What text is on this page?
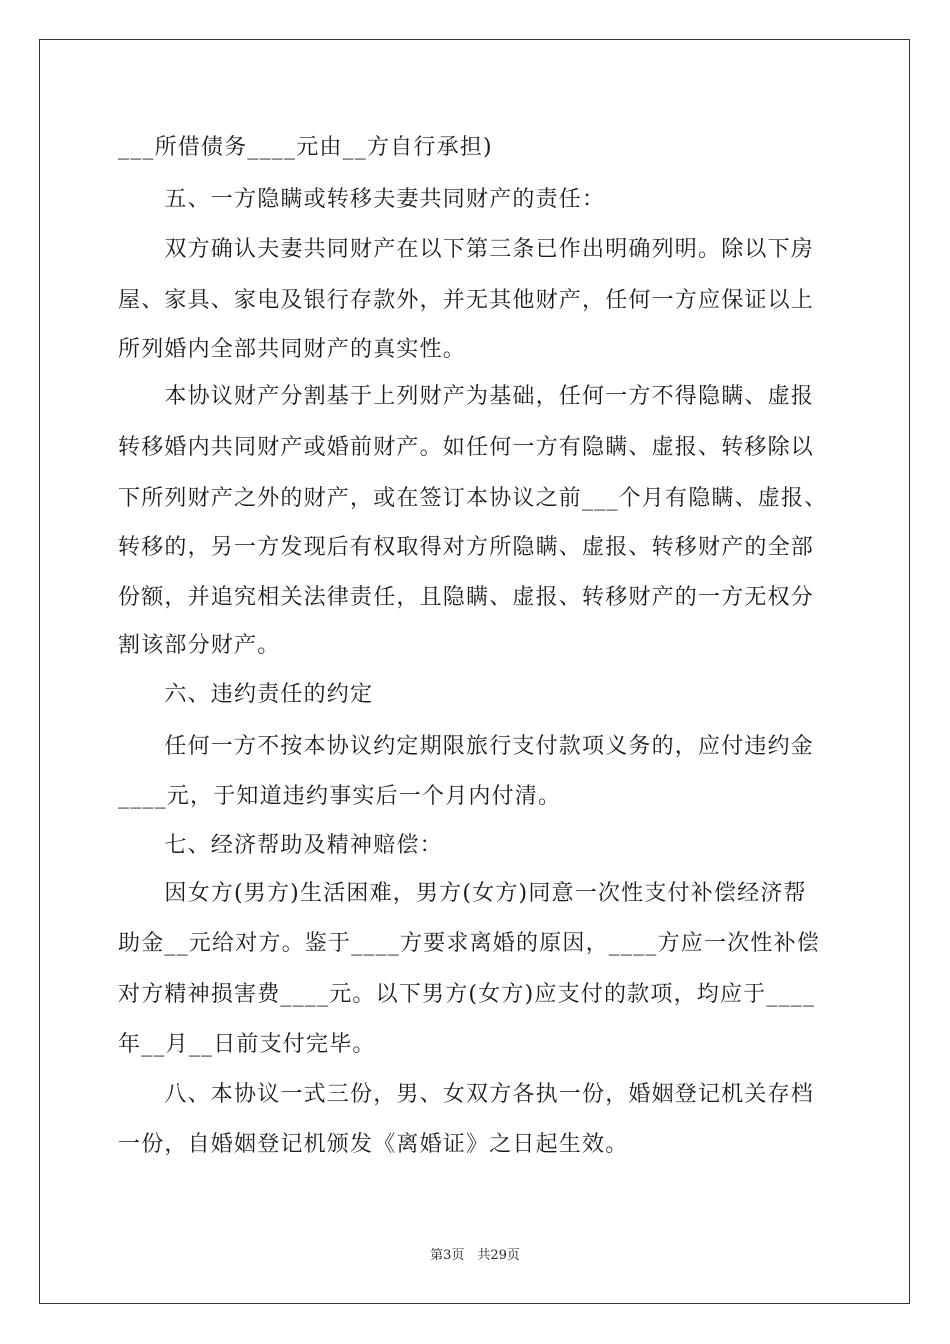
___所借债务____元由__方自行承担)
　　五、一方隐瞒或转移夫妻共同财产的责任：
　　双方确认夫妻共同财产在以下第三条已作出明确列明。除以下房
屋、家具、家电及银行存款外，并无其他财产，任何一方应保证以上
所列婚内全部共同财产的真实性。
　　本协议财产分割基于上列财产为基础，任何一方不得隐瞒、虚报
转移婚内共同财产或婚前财产。如任何一方有隐瞒、虚报、转移除以
下所列财产之外的财产，或在签订本协议之前___个月有隐瞒、虚报、
转移的，另一方发现后有权取得对方所隐瞒、虚报、转移财产的全部
份额，并追究相关法律责任，且隐瞒、虚报、转移财产的一方无权分
割该部分财产。
　　六、违约责任的约定
　　任何一方不按本协议约定期限旅行支付款项义务的，应付违约金
____元，于知道违约事实后一个月内付清。
　　七、经济帮助及精神赔偿：
　　因女方(男方)生活困难，男方(女方)同意一次性支付补偿经济帮
助金__元给对方。鉴于____方要求离婚的原因，____方应一次性补偿
对方精神损害费____元。以下男方(女方)应支付的款项，均应于____
年__月__日前支付完毕。
　　八、本协议一式三份，男、女双方各执一份，婚姻登记机关存档
一份，自婚姻登记机颁发《离婚证》之日起生效。
第3页　共29页
